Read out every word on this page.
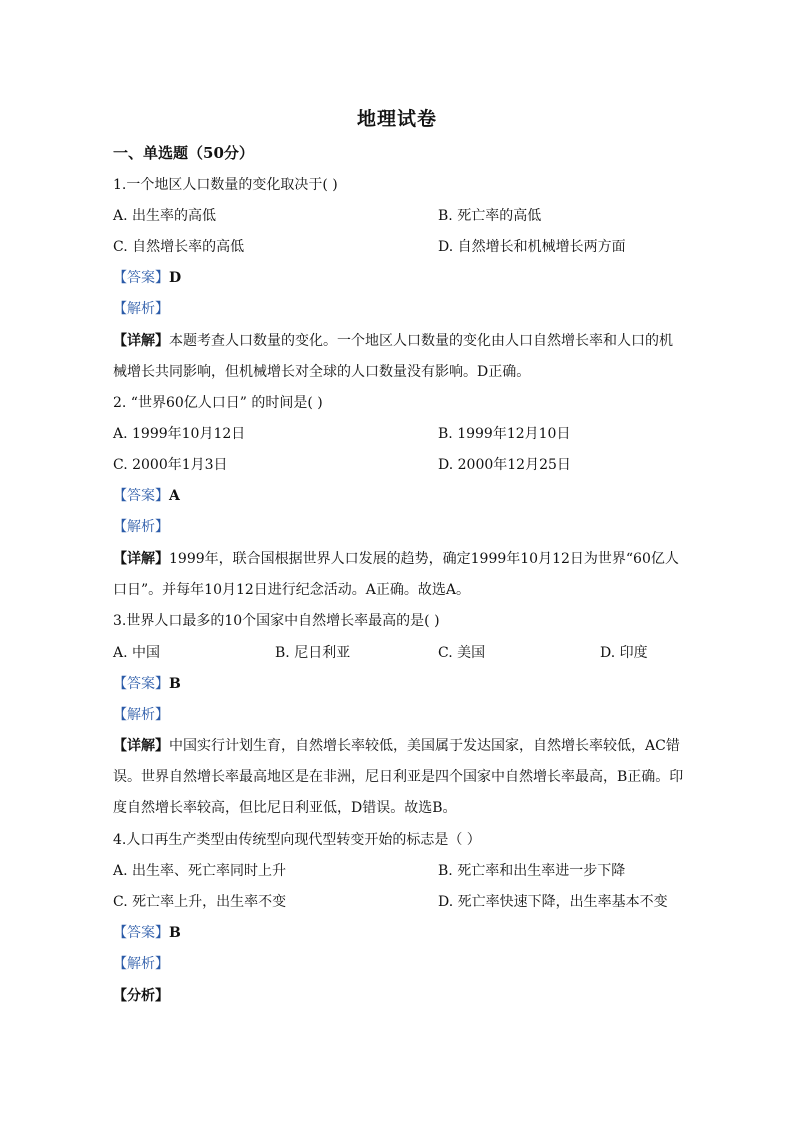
地理试卷
一、单选题（50分）
1.一个地区人口数量的变化取决于( )
A. 出生率的高低	B. 死亡率的高低
C. 自然增长率的高低	D. 自然增长和机械增长两方面
【答案】D
【解析】
【详解】本题考查人口数量的变化。一个地区人口数量的变化由人口自然增长率和人口的机
械增长共同影响，但机械增长对全球的人口数量没有影响。D正确。
2. “世界60亿人口日” 的时间是( )
A. 1999年10月12日	B. 1999年12月10日
C. 2000年1月3日	D. 2000年12月25日
【答案】A
【解析】
【详解】1999年，联合国根据世界人口发展的趋势，确定1999年10月12日为世界“60亿人
口日”。并每年10月12日进行纪念活动。A正确。故选A。
3.世界人口最多的10个国家中自然增长率最高的是( )
A. 中国	B. 尼日利亚	C. 美国	D. 印度
【答案】B
【解析】
【详解】中国实行计划生育，自然增长率较低，美国属于发达国家，自然增长率较低，AC错
误。世界自然增长率最高地区是在非洲，尼日利亚是四个国家中自然增长率最高，B正确。印
度自然增长率较高，但比尼日利亚低，D错误。故选B。
4.人口再生产类型由传统型向现代型转变开始的标志是（ ）
A. 出生率、死亡率同时上升	B. 死亡率和出生率进一步下降
C. 死亡率上升，出生率不变	D. 死亡率快速下降，出生率基本不变
【答案】B
【解析】
【分析】
